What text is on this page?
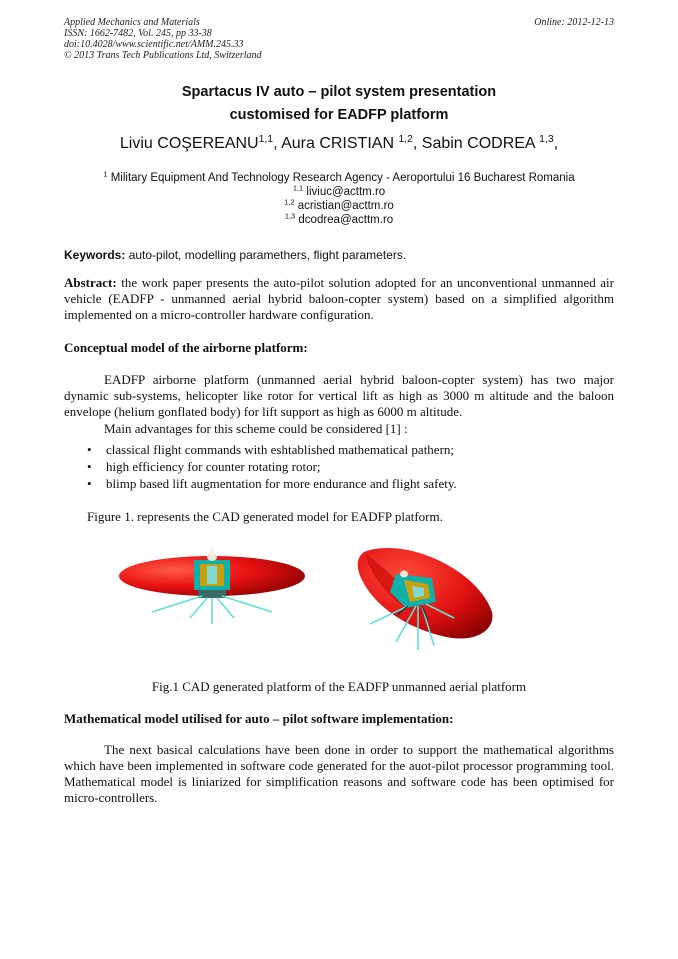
Applied Mechanics and Materials
ISSN: 1662-7482, Vol. 245, pp 33-38
doi:10.4028/www.scientific.net/AMM.245.33
© 2013 Trans Tech Publications Ltd, Switzerland
Online: 2012-12-13
Spartacus IV auto – pilot system presentation
customised for EADFP platform
Liviu COŞEREANU$^{1,1}$, Aura CRISTIAN $^{1,2}$, Sabin CODREA $^{1,3}$,
$^1$ Military Equipment And Technology Research Agency - Aeroportului 16 Bucharest Romania
$^{1,1}$ liviuc@acttm.ro
$^{1,2}$ acristian@acttm.ro
$^{1,3}$ dcodrea@acttm.ro
Keywords: auto-pilot, modelling paramethers, flight parameters.
Abstract: the work paper presents the auto-pilot solution adopted for an unconventional unmanned air vehicle (EADFP - unmanned aerial hybrid baloon-copter system) based on a simplified algorithm implemented on a micro-controller hardware configuration.
Conceptual model of the airborne platform:
EADFP airborne platform (unmanned aerial hybrid baloon-copter system) has two major dynamic sub-systems, helicopter like rotor for vertical lift as high as 3000 m altitude and the baloon envelope (helium gonflated body) for lift support as high as 6000 m altitude.
Main advantages for this scheme could be considered [1] :
• classical flight commands with eshtablished mathematical pathern;
• high efficiency for counter rotating rotor;
• blimp based lift augmentation for more endurance and flight safety.
Figure 1. represents the CAD generated model for EADFP platform.
Fig.1 CAD generated platform of the EADFP unmanned aerial platform
Mathematical model utilised for auto – pilot software implementation:
The next basical calculations have been done in order to support the mathematical algorithms which have been implemented in software code generated for the auot-pilot processor programming tool. Mathematical model is liniarized for simplification reasons and software code has been optimised for micro-controllers.
